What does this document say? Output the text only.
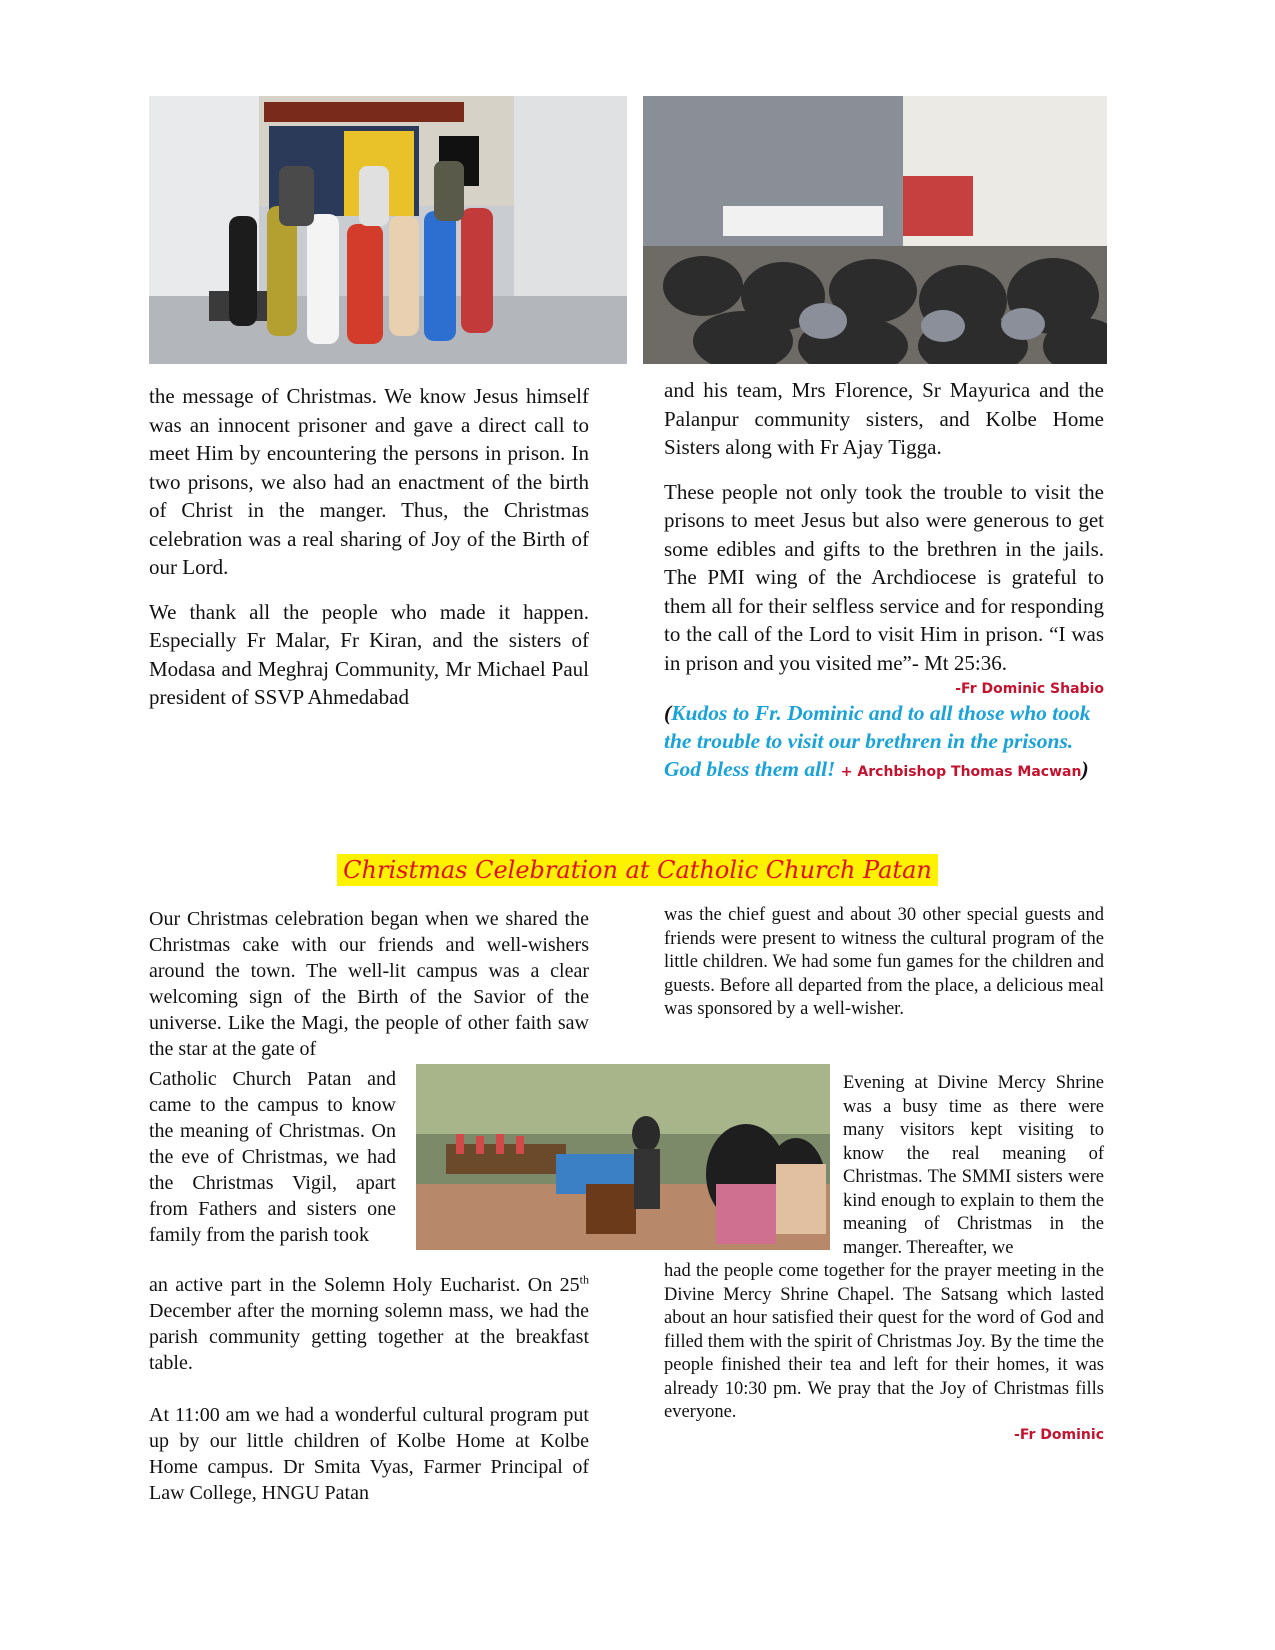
the message of Christmas. We know Jesus himself was an innocent prisoner and gave a direct call to meet Him by encountering the persons in prison. In two prisons, we also had an enactment of the birth of Christ in the manger. Thus, the Christmas celebration was a real sharing of Joy of the Birth of our Lord.

We thank all the people who made it happen. Especially Fr Malar, Fr Kiran, and the sisters of Modasa and Meghraj Community, Mr Michael Paul president of SSVP Ahmedabad

and his team, Mrs Florence, Sr Mayurica and the Palanpur community sisters, and Kolbe Home Sisters along with Fr Ajay Tigga.

These people not only took the trouble to visit the prisons to meet Jesus but also were generous to get some edibles and gifts to the brethren in the jails. The PMI wing of the Archdiocese is grateful to them all for their selfless service and for responding to the call of the Lord to visit Him in prison. “I was in prison and you visited me”- Mt 25:36.

-Fr Dominic Shabio
(Kudos to Fr. Dominic and to all those who took the trouble to visit our brethren in the prisons. God bless them all! + Archbishop Thomas Macwan)
Christmas Celebration at Catholic Church Patan

Our Christmas celebration began when we shared the Christmas cake with our friends and well-wishers around the town. The well-lit campus was a clear welcoming sign of the Birth of the Savior of the universe. Like the Magi, the people of other faith saw the star at the gate of

Catholic Church Patan and came to the campus to know the meaning of Christmas. On the eve of Christmas, we had the Christmas Vigil, apart from Fathers and sisters one family from the parish took

an active part in the Solemn Holy Eucharist. On 25th December after the morning solemn mass, we had the parish community getting together at the breakfast table.

At 11:00 am we had a wonderful cultural program put up by our little children of Kolbe Home at Kolbe Home campus. Dr Smita Vyas, Farmer Principal of Law College, HNGU Patan

was the chief guest and about 30 other special guests and friends were present to witness the cultural program of the little children. We had some fun games for the children and guests. Before all departed from the place, a delicious meal was sponsored by a well-wisher.

Evening at Divine Mercy Shrine was a busy time as there were many visitors kept visiting to know the real meaning of Christmas. The SMMI sisters were kind enough to explain to them the meaning of Christmas in the manger. Thereafter, we

had the people come together for the prayer meeting in the Divine Mercy Shrine Chapel. The Satsang which lasted about an hour satisfied their quest for the word of God and filled them with the spirit of Christmas Joy. By the time the people finished their tea and left for their homes, it was already 10:30 pm. We pray that the Joy of Christmas fills everyone.

-Fr Dominic
